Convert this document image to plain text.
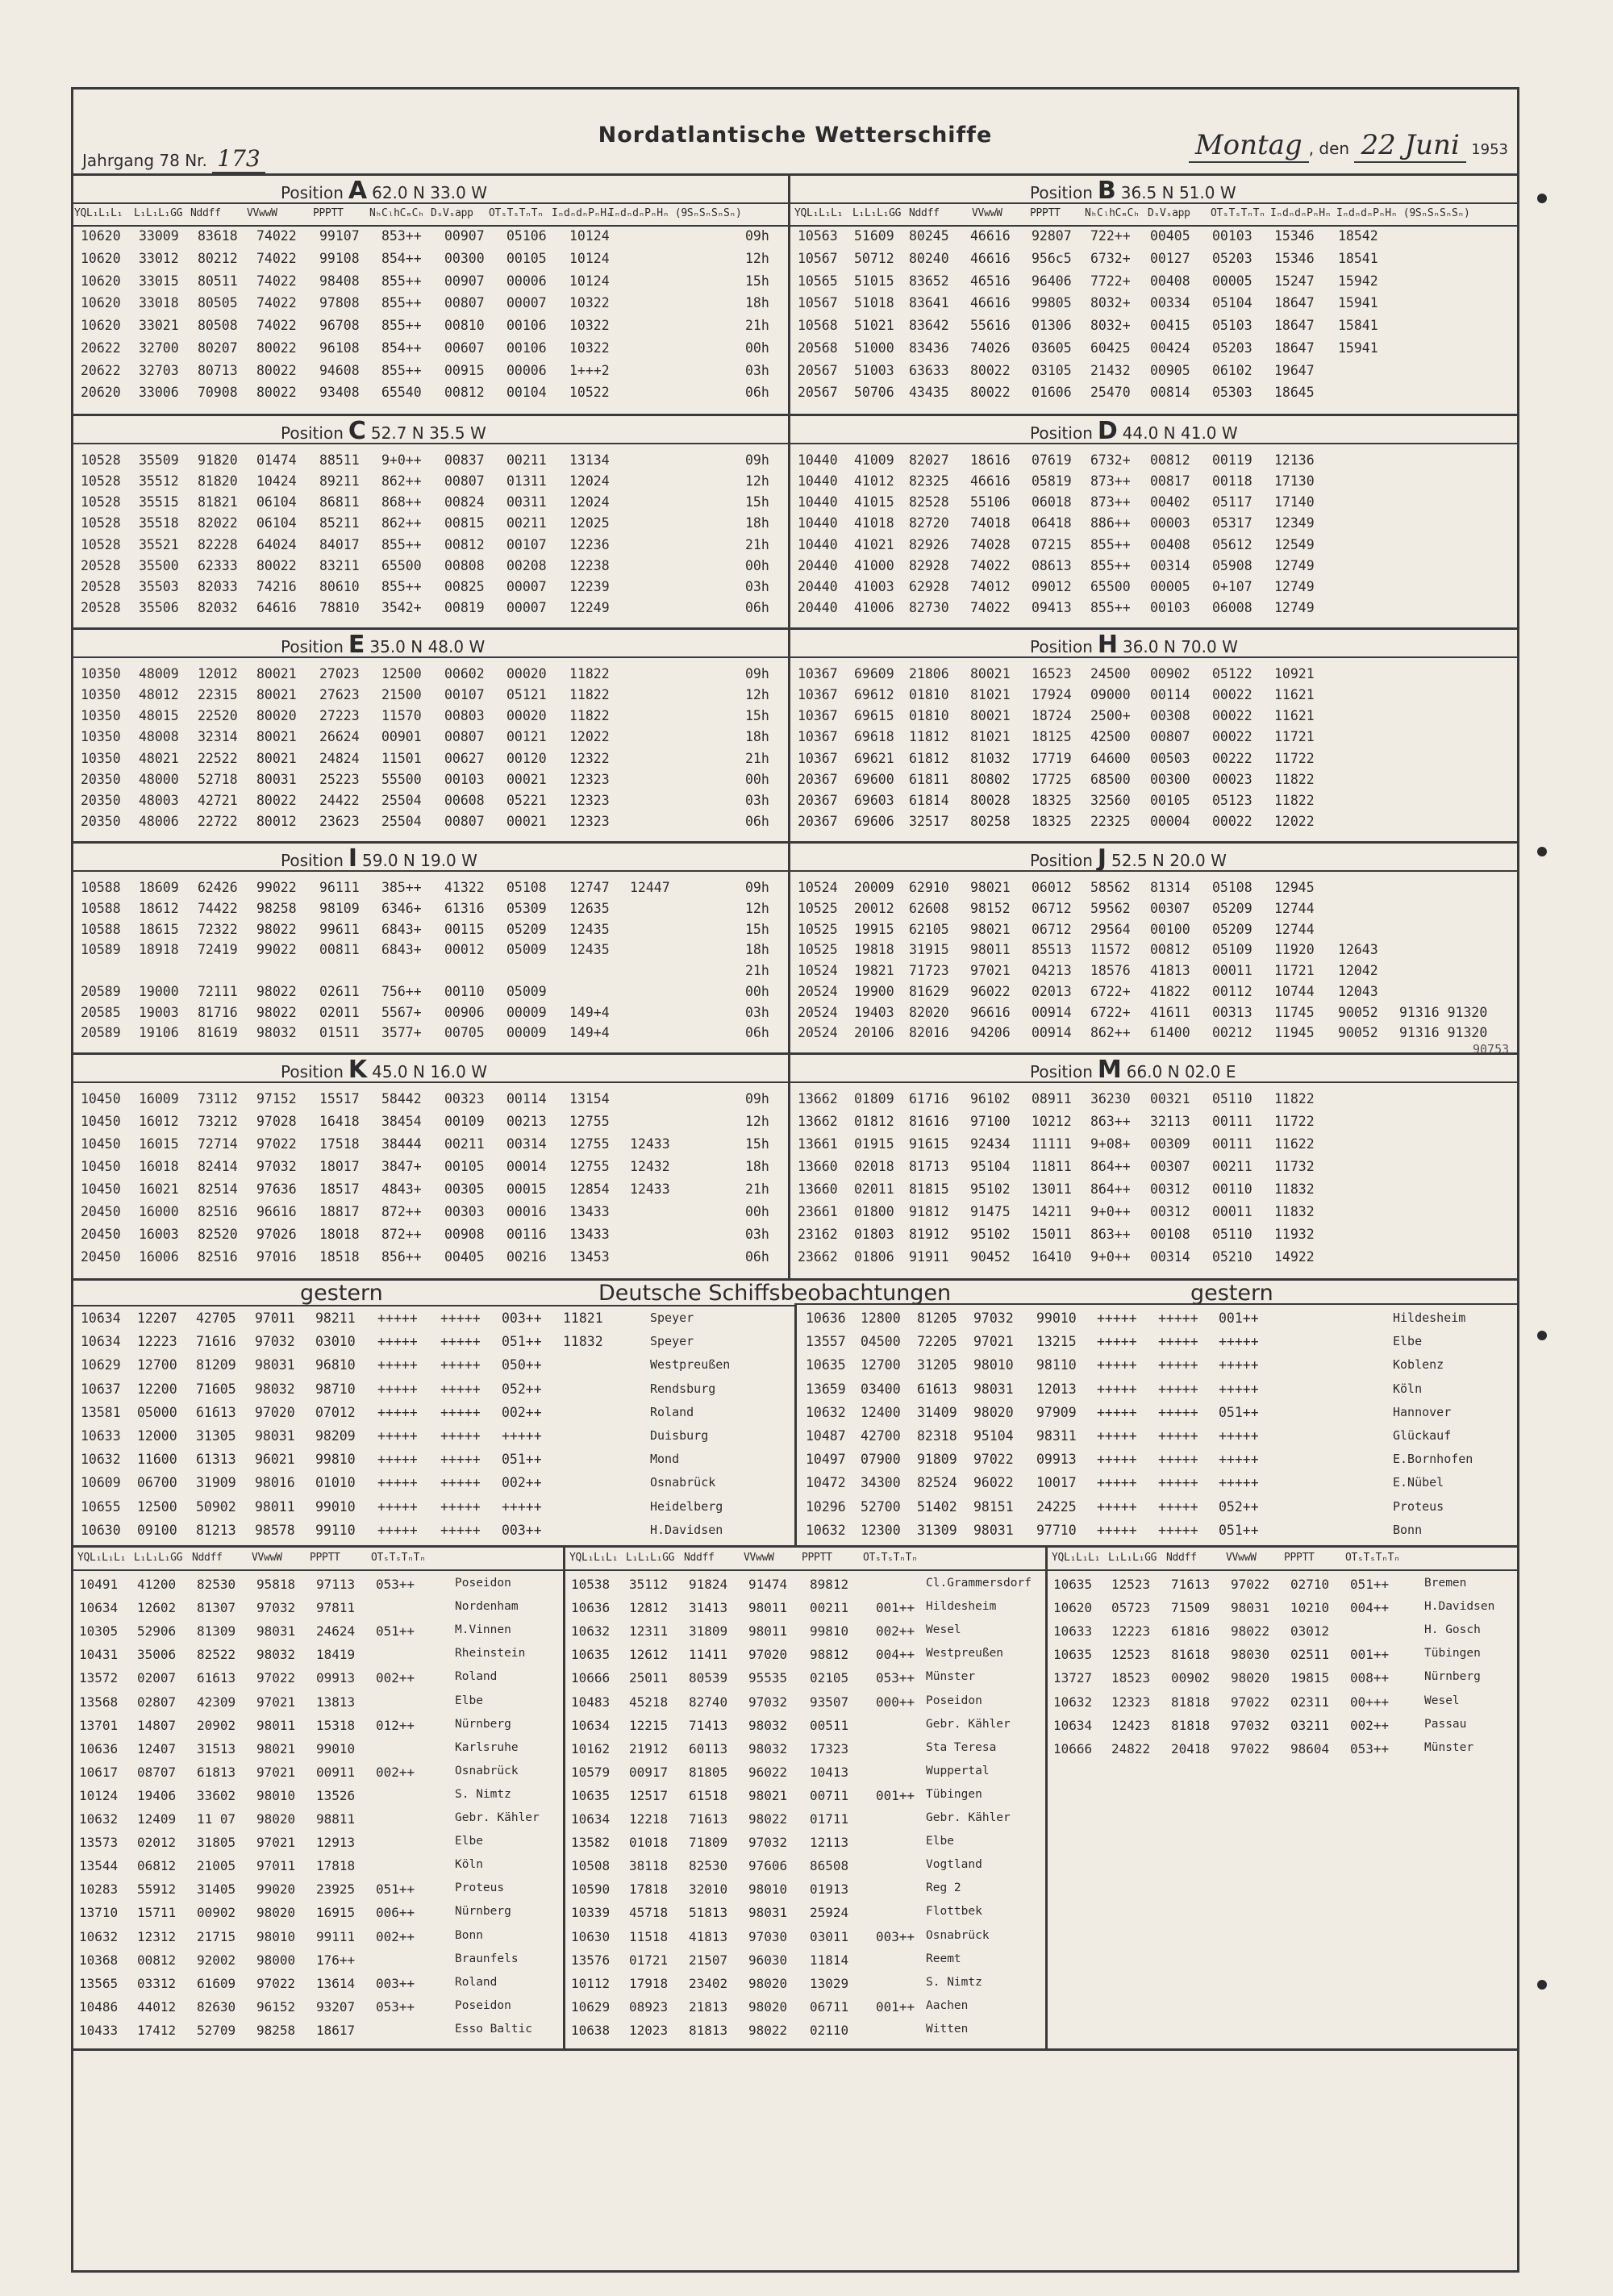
Nordatlantische Wetterschiffe
Jahrgang 78 Nr. 173	Montag , den 22 Juni 1953
Position A 62.0 N 33.0 W
YQL₁L₁L₁ L₁L₁L₁GG Nddff VVwwW	PPPTT NₕCₗhCₘCₕ DₛVₛapp OTₛTₛTₙTₙ IₙdₙdₙPₙHₙ
IₙdₙdₙPₙHₙ (9SₙSₙSₙSₙ)
10620 33009 83618 74022 99107 853++ 00907 05106 10124	09h
10620 33012 80212 74022 99108 854++ 00300 00105 10124	12h
10620 33015 80511 74022 98408 855++ 00907 00006 10124	15h
10620 33018 80505 74022 97808 855++ 00807 00007 10322	18h
10620 33021 80508 74022 96708 855++ 00810 00106 10322	21h
20622 32700 80207 80022 96108 854++ 00607 00106 10322	00h
20622 32703 80713 80022 94608 855++ 00915 00006 1+++2	03h
20620 33006 70908 80022 93408 65540 00812 00104 10522	06h
Position B 36.5 N 51.0 W
YQL₁L₁L₁ L₁L₁L₁GG Nddff	VVwwW	PPPTT NₕCₗhCₘCₕ DₛVₛapp OTₛTₛTₙTₙ IₙdₙdₙPₙHₙ IₙdₙdₙPₙHₙ (9SₙSₙSₙSₙ)
10563 51609 80245 46616 92807 722++ 00405 00103 15346 18542
10567 50712 80240 46616 956c5 6732+ 00127 05203 15346 18541
10565 51015 83652 46516 96406 7722+ 00408 00005 15247 15942
10567 51018 83641 46616 99805 8032+ 00334 05104 18647 15941
10568 51021 83642 55616 01306 8032+ 00415 05103 18647 15841
20568 51000 83436 74026 03605 60425 00424 05203 18647 15941
20567 51003 63633 80022 03105 21432 00905 06102 19647
20567 50706 43435 80022 01606 25470 00814 05303 18645
Position C 52.7 N 35.5 W
10528 35509 91820 01474 88511 9+0++ 00837 00211 13134	09h
10528 35512 81820 10424 89211 862++ 00807 01311 12024	12h
10528 35515 81821 06104 86811 868++ 00824 00311 12024	15h
10528 35518 82022 06104 85211 862++ 00815 00211 12025	18h
10528 35521 82228 64024 84017 855++ 00812 00107 12236	21h
20528 35500 62333 80022 83211 65500 00808 00208 12238	00h
20528 35503 82033 74216 80610 855++ 00825 00007 12239	03h
20528 35506 82032 64616 78810 3542+ 00819 00007 12249	06h
Position D 44.0 N 41.0 W
10440 41009 82027 18616 07619 6732+ 00812 00119 12136
10440 41012 82325 46616 05819 873++ 00817 00118 17130
10440 41015 82528 55106 06018 873++ 00402 05117 17140
10440 41018 82720 74018 06418 886++ 00003 05317 12349
10440 41021 82926 74028 07215 855++ 00408 05612 12549
20440 41000 82928 74022 08613 855++ 00314 05908 12749
20440 41003 62928 74012 09012 65500 00005 0+107 12749
20440 41006 82730 74022 09413 855++ 00103 06008 12749
Position E 35.0 N 48.0 W
10350 48009 12012 80021 27023 12500 00602 00020 11822	09h
10350 48012 22315 80021 27623 21500 00107 05121 11822	12h
10350 48015 22520 80020 27223 11570 00803 00020 11822	15h
10350 48008 32314 80021 26624 00901 00807 00121 12022	18h
10350 48021 22522 80021 24824 11501 00627 00120 12322	21h
20350 48000 52718 80031 25223 55500 00103 00021 12323	00h
20350 48003 42721 80022 24422 25504 00608 05221 12323	03h
20350 48006 22722 80012 23623 25504 00807 00021 12323	06h
Position H 36.0 N 70.0 W
10367 69609 21806 80021 16523 24500 00902 05122 10921
10367 69612 01810 81021 17924 09000 00114 00022 11621
10367 69615 01810 80021 18724 2500+ 00308 00022 11621
10367 69618 11812 81021 18125 42500 00807 00022 11721
10367 69621 61812 81032 17719 64600 00503 00222 11722
20367 69600 61811 80802 17725 68500 00300 00023 11822
20367 69603 61814 80028 18325 32560 00105 05123 11822
20367 69606 32517 80258 18325 22325 00004 00022 12022
Position I 59.0 N 19.0 W
10588 18609 62426 99022 96111 385++ 41322 05108 12747 12447	09h
10588 18612 74422 98258 98109 6346+ 61316 05309 12635	12h
10588 18615 72322 98022 99611 6843+ 00115 05209 12435	15h
10589 18918 72419 99022 00811 6843+ 00012 05009 12435	18h
21h
20589 19000 72111 98022 02611 756++ 00110 05009	00h
20585 19003 81716 98022 02011 5567+ 00906 00009 149+4	03h
20589 19106 81619 98032 01511 3577+ 00705 00009 149+4	06h
Position J 52.5 N 20.0 W
10524 20009 62910 98021 06012 58562 81314 05108 12945
10525 20012 62608 98152 06712 59562 00307 05209 12744
10525 19915 62105 98021 06712 29564 00100 05209 12744
10525 19818 31915 98011 85513 11572 00812 05109 11920 12643
10524 19821 71723 97021 04213 18576 41813 00011 11721 12042
20524 19900 81629 96022 02013 6722+ 41822 00112 10744 12043
20524 19403 82020 96616 00914 6722+ 41611 00313 11745 90052 91316 91320
20524 20106 82016 94206 00914 862++ 61400 00212 11945 90052 91316 91320
Position K 45.0 N 16.0 W
10450 16009 73112 97152 15517 58442 00323 00114 13154	09h
10450 16012 73212 97028 16418 38454 00109 00213 12755	12h
10450 16015 72714 97022 17518 38444 00211 00314 12755 12433	15h
10450 16018 82414 97032 18017 3847+ 00105 00014 12755 12432	18h
10450 16021 82514 97636 18517 4843+ 00305 00015 12854 12433	21h
20450 16000 82516 96616 18817 872++ 00303 00016 13433	00h
20450 16003 82520 97026 18018 872++ 00908 00116 13433	03h
20450 16006 82516 97016 18518 856++ 00405 00216 13453	06h
Position M 66.0 N 02.0 E
13662 01809 61716 96102 08911 36230 00321 05110 11822
13662 01812 81616 97100 10212 863++ 32113 00111 11722
13661 01915 91615 92434 11111 9+08+ 00309 00111 11622
13660 02018 81713 95104 11811 864++ 00307 00211 11732
13660 02011 81815 95102 13011 864++ 00312 00110 11832
23661 01800 91812 91475 14211 9+0++ 00312 00011 11832
23162 01803 81912 95102 15011 863++ 00108 05110 11932
23662 01806 91911 90452 16410 9+0++ 00314 05210 14922
90753
gestern	Deutsche Schiffsbeobachtungen	gestern
10634 12207 42705 97011 98211 +++++ +++++ 003++ 11821	Speyer
10634 12223 71616 97032 03010 +++++ +++++ 051++ 11832	Speyer
10629 12700 81209 98031 96810 +++++ +++++ 050++	Westpreußen
10637 12200 71605 98032 98710 +++++ +++++ 052++	Rendsburg
13581 05000 61613 97020 07012 +++++ +++++ 002++	Roland
10633 12000 31305 98031 98209 +++++ +++++ +++++	Duisburg
10632 11600 61313 96021 99810 +++++ +++++ 051++	Mond
10609 06700 31909 98016 01010 +++++ +++++ 002++	Osnabrück
10655 12500 50902 98011 99010 +++++ +++++ +++++	Heidelberg
10630 09100 81213 98578 99110 +++++ +++++ 003++	H.Davidsen
10636 12800 81205 97032 99010 +++++ +++++ 001++	Hildesheim
13557 04500 72205 97021 13215 +++++ +++++ +++++	Elbe
10635 12700 31205 98010 98110 +++++ +++++ +++++	Koblenz
13659 03400 61613 98031 12013 +++++ +++++ +++++	Köln
10632 12400 31409 98020 97909 +++++ +++++ 051++	Hannover
10487 42700 82318 95104 98311 +++++ +++++ +++++	Glückauf
10497 07900 91809 97022 09913 +++++ +++++ +++++	E.Bornhofen
10472 34300 82524 96022 10017 +++++ +++++ +++++	E.Nübel
10296 52700 51402 98151 24225 +++++ +++++ 052++	Proteus
10632 12300 31309 98031 97710 +++++ +++++ 051++	Bonn
YQL₁L₁L₁ L₁L₁L₁GG Nddff	VVwwW	PPPTT	OTₛTₛTₙTₙ
10491 41200 82530 95818 97113 053++	Poseidon
10634 12602 81307 97032 97811	Nordenham
10305 52906 81309 98031 24624 051++	M.Vinnen
10431 35006 82522 98032 18419	Rheinstein
13572 02007 61613 97022 09913 002++	Roland
13568 02807 42309 97021 13813	Elbe
13701 14807 20902 98011 15318 012++	Nürnberg
10636 12407 31513 98021 99010	Karlsruhe
10617 08707 61813 97021 00911 002++	Osnabrück
10124 19406 33602 98010 13526	S. Nimtz
10632 12409 11 07 98020 98811	Gebr. Kähler
13573 02012 31805 97021 12913	Elbe
13544 06812 21005 97011 17818	Köln
10283 55912 31405 99020 23925 051++	Proteus
13710 15711 00902 98020 16915 006++	Nürnberg
10632 12312 21715 98010 99111 002++	Bonn
10368 00812 92002 98000 176++	Braunfels
13565 03312 61609 97022 13614 003++	Roland
10486 44012 82630 96152 93207 053++	Poseidon
10433 17412 52709 98258 18617	Esso Baltic
YQL₁L₁L₁ L₁L₁L₁GG Nddff	VVwwW	PPPTT	OTₛTₛTₙTₙ
10538 35112 91824 91474 89812	Cl.Grammersdorf
10636 12812 31413 98011 00211 001++ Hildesheim
10632 12311 31809 98011 99810 002++ Wesel
10635 12612 11411 97020 98812 004++ Westpreußen
10666 25011 80539 95535 02105 053++ Münster
10483 45218 82740 97032 93507 000++ Poseidon
10634 12215 71413 98032 00511	Gebr. Kähler
10162 21912 60113 98032 17323	Sta Teresa
10579 00917 81805 96022 10413	Wuppertal
10635 12517 61518 98021 00711 001++ Tübingen
10634 12218 71613 98022 01711	Gebr. Kähler
13582 01018 71809 97032 12113	Elbe
10508 38118 82530 97606 86508	Vogtland
10590 17818 32010 98010 01913	Reg 2
10339 45718 51813 98031 25924	Flottbek
10630 11518 41813 97030 03011 003++ Osnabrück
13576 01721 21507 96030 11814	Reemt
10112 17918 23402 98020 13029	S. Nimtz
10629 08923 21813 98020 06711 001++ Aachen
10638 12023 81813 98022 02110	Witten
YQL₁L₁L₁ L₁L₁L₁GG Nddff	VVwwW	PPPTT	OTₛTₛTₙTₙ
10635 12523 71613 97022 02710 051++	Bremen
10620 05723 71509 98031 10210 004++	H.Davidsen
10633 12223 61816 98022 03012	H. Gosch
10635 12523 81618 98030 02511 001++	Tübingen
13727 18523 00902 98020 19815 008++	Nürnberg
10632 12323 81818 97022 02311 00+++	Wesel
10634 12423 81818 97032 03211 002++	Passau
10666 24822 20418 97022 98604 053++	Münster
